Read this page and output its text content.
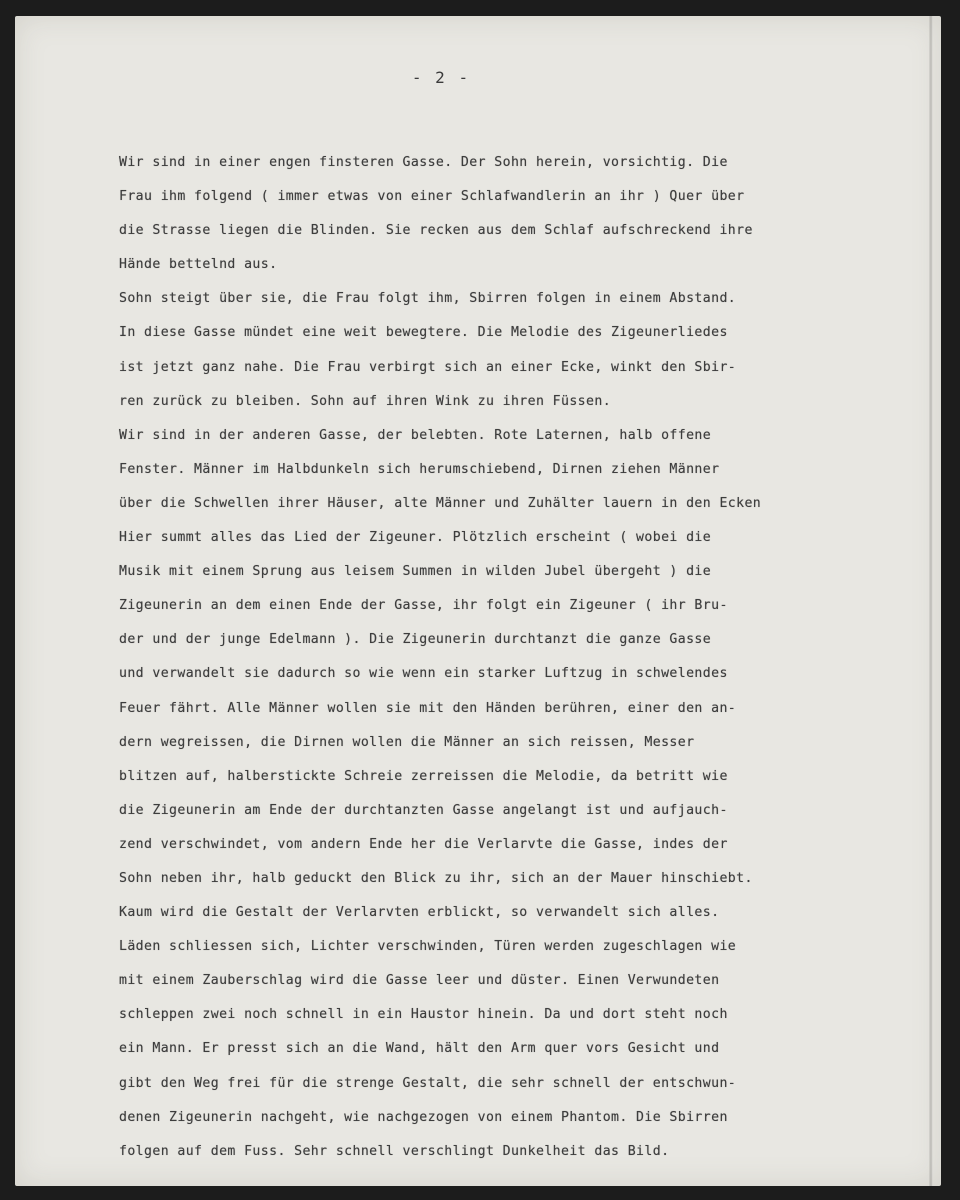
- 2 -
Wir sind in einer engen finsteren Gasse. Der Sohn herein, vorsichtig. Die
Frau ihm folgend ( immer etwas von einer Schlafwandlerin an ihr ) Quer über
die Strasse liegen die Blinden. Sie recken aus dem Schlaf aufschreckend ihre
Hände bettelnd aus.
Sohn steigt über sie, die Frau folgt ihm, Sbirren folgen in einem Abstand.
In diese Gasse mündet eine weit bewegtere. Die Melodie des Zigeunerliedes
ist jetzt ganz nahe. Die Frau verbirgt sich an einer Ecke, winkt den Sbir-
ren zurück zu bleiben. Sohn auf ihren Wink zu ihren Füssen.
Wir sind in der anderen Gasse, der belebten. Rote Laternen, halb offene
Fenster. Männer im Halbdunkeln sich herumschiebend, Dirnen ziehen Männer
über die Schwellen ihrer Häuser, alte Männer und Zuhälter lauern in den Ecken
Hier summt alles das Lied der Zigeuner. Plötzlich erscheint ( wobei die
Musik mit einem Sprung aus leisem Summen in wilden Jubel übergeht ) die
Zigeunerin an dem einen Ende der Gasse, ihr folgt ein Zigeuner ( ihr Bru-
der und der junge Edelmann ). Die Zigeunerin durchtanzt die ganze Gasse
und verwandelt sie dadurch so wie wenn ein starker Luftzug in schwelendes
Feuer fährt. Alle Männer wollen sie mit den Händen berühren, einer den an-
dern wegreissen, die Dirnen wollen die Männer an sich reissen, Messer
blitzen auf, halberstickte Schreie zerreissen die Melodie, da betritt wie
die Zigeunerin am Ende der durchtanzten Gasse angelangt ist und aufjauch-
zend verschwindet, vom andern Ende her die Verlarvte die Gasse, indes der
Sohn neben ihr, halb geduckt den Blick zu ihr, sich an der Mauer hinschiebt.
Kaum wird die Gestalt der Verlarvten erblickt, so verwandelt sich alles.
Läden schliessen sich, Lichter verschwinden, Türen werden zugeschlagen wie
mit einem Zauberschlag wird die Gasse leer und düster. Einen Verwundeten
schleppen zwei noch schnell in ein Haustor hinein. Da und dort steht noch
ein Mann. Er presst sich an die Wand, hält den Arm quer vors Gesicht und
gibt den Weg frei für die strenge Gestalt, die sehr schnell der entschwun-
denen Zigeunerin nachgeht, wie nachgezogen von einem Phantom. Die Sbirren
folgen auf dem Fuss. Sehr schnell verschlingt Dunkelheit das Bild.
